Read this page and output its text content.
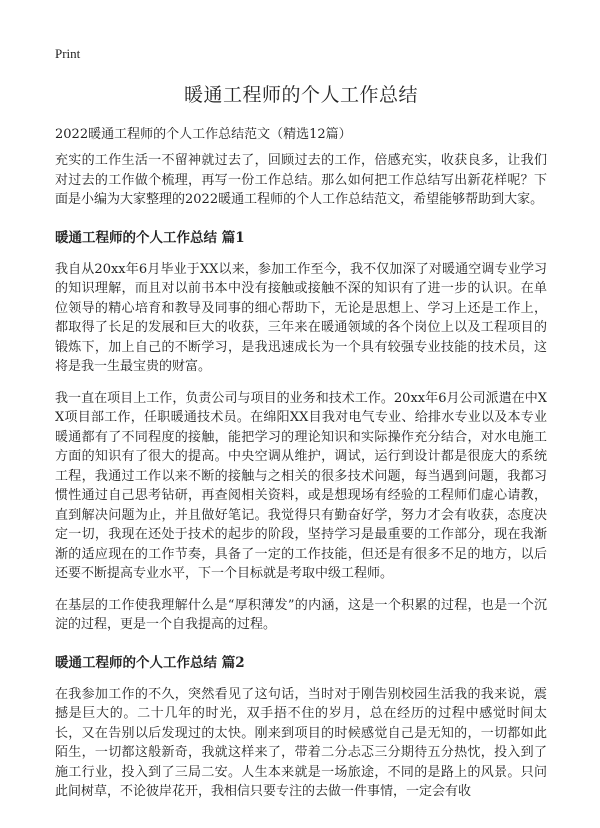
Print
暖通工程师的个人工作总结

2022暖通工程师的个人工作总结范文（精选12篇）

充实的工作生活一不留神就过去了，回顾过去的工作，倍感充实，收获良多，让我们对过去的工作做个梳理，再写一份工作总结。那么如何把工作总结写出新花样呢？下面是小编为大家整理的2022暖通工程师的个人工作总结范文，希望能够帮助到大家。

暖通工程师的个人工作总结 篇1

我自从20xx年6月毕业于XX以来，参加工作至今，我不仅加深了对暖通空调专业学习的知识理解，而且对以前书本中没有接触或接触不深的知识有了进一步的认识。在单位领导的精心培育和教导及同事的细心帮助下，无论是思想上、学习上还是工作上，都取得了长足的发展和巨大的收获，三年来在暖通领域的各个岗位上以及工程项目的锻炼下，加上自己的不断学习，是我迅速成长为一个具有较强专业技能的技术员，这将是我一生最宝贵的财富。

我一直在项目上工作，负责公司与项目的业务和技术工作。20xx年6月公司派遣在中XX项目部工作，任职暖通技术员。在绵阳XX目我对电气专业、给排水专业以及本专业暖通都有了不同程度的接触，能把学习的理论知识和实际操作充分结合，对水电施工方面的知识有了很大的提高。中央空调从维护，调试，运行到设计都是很庞大的系统工程，我通过工作以来不断的接触与之相关的很多技术问题，每当遇到问题，我都习惯性通过自己思考钻研，再查阅相关资料，或是想现场有经验的工程师们虚心请教，直到解决问题为止，并且做好笔记。我觉得只有勤奋好学，努力才会有收获，态度决定一切，我现在还处于技术的起步的阶段，坚持学习是最重要的工作部分，现在我渐渐的适应现在的工作节奏，具备了一定的工作技能，但还是有很多不足的地方，以后还要不断提高专业水平，下一个目标就是考取中级工程师。

在基层的工作使我理解什么是“厚积薄发”的内涵，这是一个积累的过程，也是一个沉淀的过程，更是一个自我提高的过程。

暖通工程师的个人工作总结 篇2

在我参加工作的不久，突然看见了这句话，当时对于刚告别校园生活我的我来说，震撼是巨大的。二十几年的时光，双手捂不住的岁月，总在经历的过程中感觉时间太长，又在告别以后发现过的太快。刚来到项目的时候感觉自己是无知的，一切都如此陌生，一切都这般新奇，我就这样来了，带着二分忐忑三分期待五分热忱，投入到了施工行业，投入到了三局二安。人生本来就是一场旅途，不同的是路上的风景。只问此间树草，不论彼岸花开，我相信只要专注的去做一件事情，一定会有收
